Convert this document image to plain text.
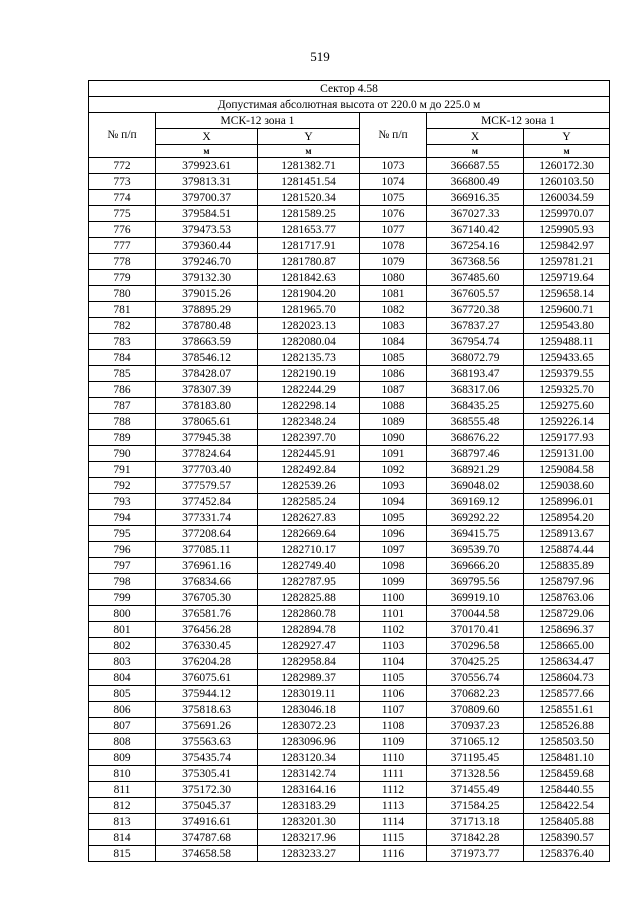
519
Сектор 4.58					
Допустимая абсолютная высота от 220.0 м до 225.0 м					
№ п/п	МСК-12 зона 1		№ п/п	МСК-12 зона 1	
	X	Y		X	Y
	м	м		м	м
772	379923.61	1281382.71	1073	366687.55	1260172.30
773	379813.31	1281451.54	1074	366800.49	1260103.50
774	379700.37	1281520.34	1075	366916.35	1260034.59
775	379584.51	1281589.25	1076	367027.33	1259970.07
776	379473.53	1281653.77	1077	367140.42	1259905.93
777	379360.44	1281717.91	1078	367254.16	1259842.97
778	379246.70	1281780.87	1079	367368.56	1259781.21
779	379132.30	1281842.63	1080	367485.60	1259719.64
780	379015.26	1281904.20	1081	367605.57	1259658.14
781	378895.29	1281965.70	1082	367720.38	1259600.71
782	378780.48	1282023.13	1083	367837.27	1259543.80
783	378663.59	1282080.04	1084	367954.74	1259488.11
784	378546.12	1282135.73	1085	368072.79	1259433.65
785	378428.07	1282190.19	1086	368193.47	1259379.55
786	378307.39	1282244.29	1087	368317.06	1259325.70
787	378183.80	1282298.14	1088	368435.25	1259275.60
788	378065.61	1282348.24	1089	368555.48	1259226.14
789	377945.38	1282397.70	1090	368676.22	1259177.93
790	377824.64	1282445.91	1091	368797.46	1259131.00
791	377703.40	1282492.84	1092	368921.29	1259084.58
792	377579.57	1282539.26	1093	369048.02	1259038.60
793	377452.84	1282585.24	1094	369169.12	1258996.01
794	377331.74	1282627.83	1095	369292.22	1258954.20
795	377208.64	1282669.64	1096	369415.75	1258913.67
796	377085.11	1282710.17	1097	369539.70	1258874.44
797	376961.16	1282749.40	1098	369666.20	1258835.89
798	376834.66	1282787.95	1099	369795.56	1258797.96
799	376705.30	1282825.88	1100	369919.10	1258763.06
800	376581.76	1282860.78	1101	370044.58	1258729.06
801	376456.28	1282894.78	1102	370170.41	1258696.37
802	376330.45	1282927.47	1103	370296.58	1258665.00
803	376204.28	1282958.84	1104	370425.25	1258634.47
804	376075.61	1282989.37	1105	370556.74	1258604.73
805	375944.12	1283019.11	1106	370682.23	1258577.66
806	375818.63	1283046.18	1107	370809.60	1258551.61
807	375691.26	1283072.23	1108	370937.23	1258526.88
808	375563.63	1283096.96	1109	371065.12	1258503.50
809	375435.74	1283120.34	1110	371195.45	1258481.10
810	375305.41	1283142.74	1111	371328.56	1258459.68
811	375172.30	1283164.16	1112	371455.49	1258440.55
812	375045.37	1283183.29	1113	371584.25	1258422.54
813	374916.61	1283201.30	1114	371713.18	1258405.88
814	374787.68	1283217.96	1115	371842.28	1258390.57
815	374658.58	1283233.27	1116	371973.77	1258376.40
